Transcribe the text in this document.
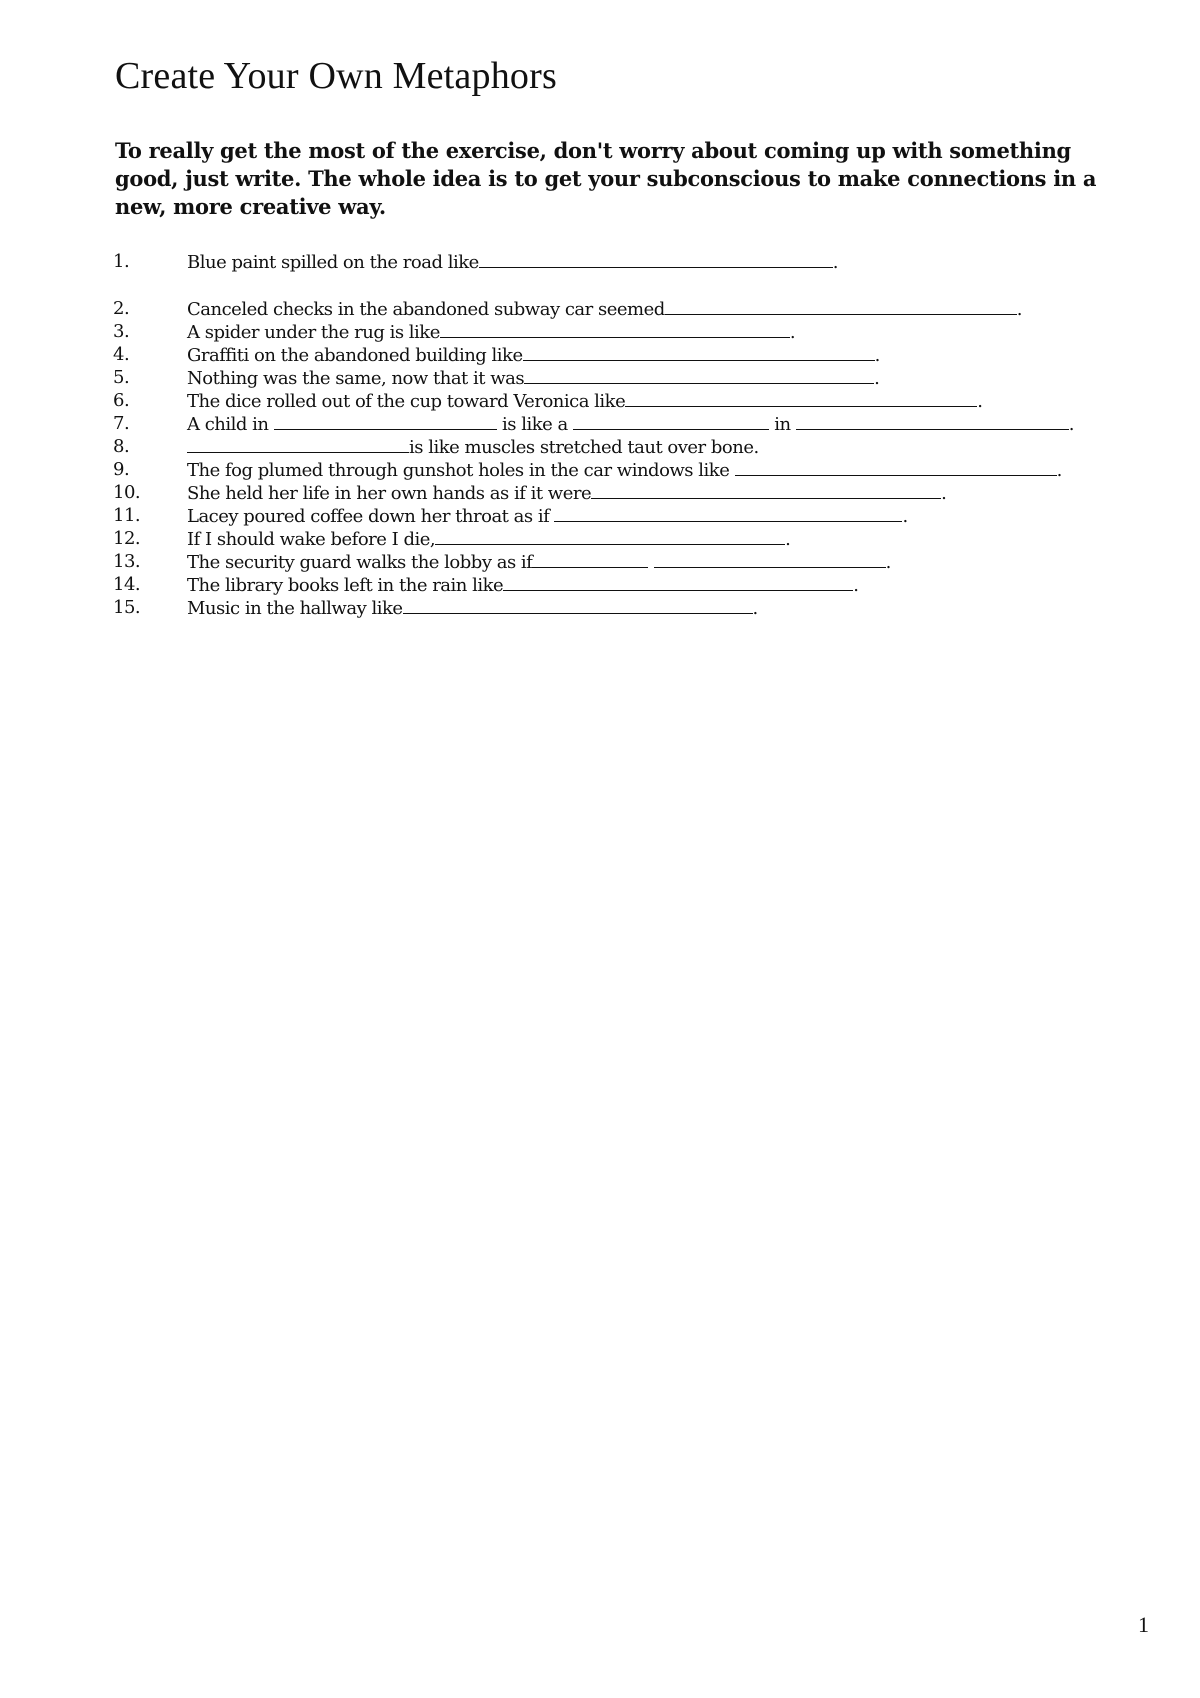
Create Your Own Metaphors

To really get the most of the exercise, don't worry about coming up with something good, just write. The whole idea is to get your subconscious to make connections in a new, more creative way.

1.	Blue paint spilled on the road like	.
2.	Canceled checks in the abandoned subway car seemed	.
3.	A spider under the rug is like	.
4.	Graffiti on the abandoned building like	.
5.	Nothing was the same, now that it was	.
6.	The dice rolled out of the cup toward Veronica like	.
7.	A child in	is like a	in	.
8.	is like muscles stretched taut over bone.
9.	The fog plumed through gunshot holes in the car windows like	.
10.	She held her life in her own hands as if it were	.
11.	Lacey poured coffee down her throat as if	.
12.	If I should wake before I die,	.
13.	The security guard walks the lobby as if	.
14.	The library books left in the rain like	.
15.	Music in the hallway like	.
1
